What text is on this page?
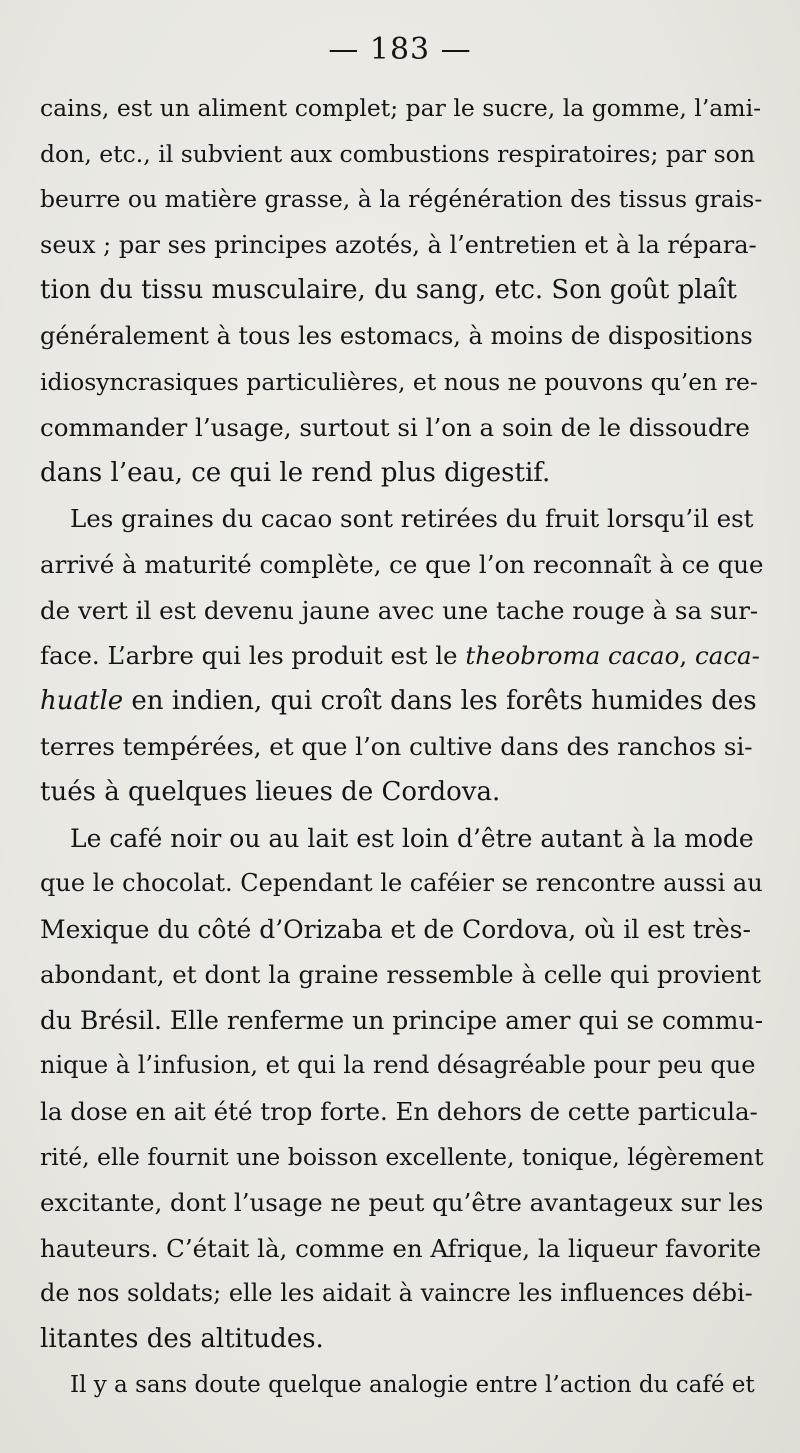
— 183 —
cains, est un aliment complet; par le sucre, la gomme, l’ami-
don, etc., il subvient aux combustions respiratoires; par son
beurre ou matière grasse, à la régénération des tissus grais-
seux ; par ses principes azotés, à l’entretien et à la répara-
tion du tissu musculaire, du sang, etc. Son goût plaît
généralement à tous les estomacs, à moins de dispositions
idiosyncrasiques particulières, et nous ne pouvons qu’en re-
commander l’usage, surtout si l’on a soin de le dissoudre
dans l’eau, ce qui le rend plus digestif.
Les graines du cacao sont retirées du fruit lorsqu’il est
arrivé à maturité complète, ce que l’on reconnaît à ce que
de vert il est devenu jaune avec une tache rouge à sa sur-
face. L’arbre qui les produit est le theobroma cacao, caca-
huatle en indien, qui croît dans les forêts humides des
terres tempérées, et que l’on cultive dans des ranchos si-
tués à quelques lieues de Cordova.
Le café noir ou au lait est loin d’être autant à la mode
que le chocolat. Cependant le caféier se rencontre aussi au
Mexique du côté d’Orizaba et de Cordova, où il est très-
abondant, et dont la graine ressemble à celle qui provient
du Brésil. Elle renferme un principe amer qui se commu-
nique à l’infusion, et qui la rend désagréable pour peu que
la dose en ait été trop forte. En dehors de cette particula-
rité, elle fournit une boisson excellente, tonique, légèrement
excitante, dont l’usage ne peut qu’être avantageux sur les
hauteurs. C’était là, comme en Afrique, la liqueur favorite
de nos soldats; elle les aidait à vaincre les influences débi-
litantes des altitudes.
Il y a sans doute quelque analogie entre l’action du café et
